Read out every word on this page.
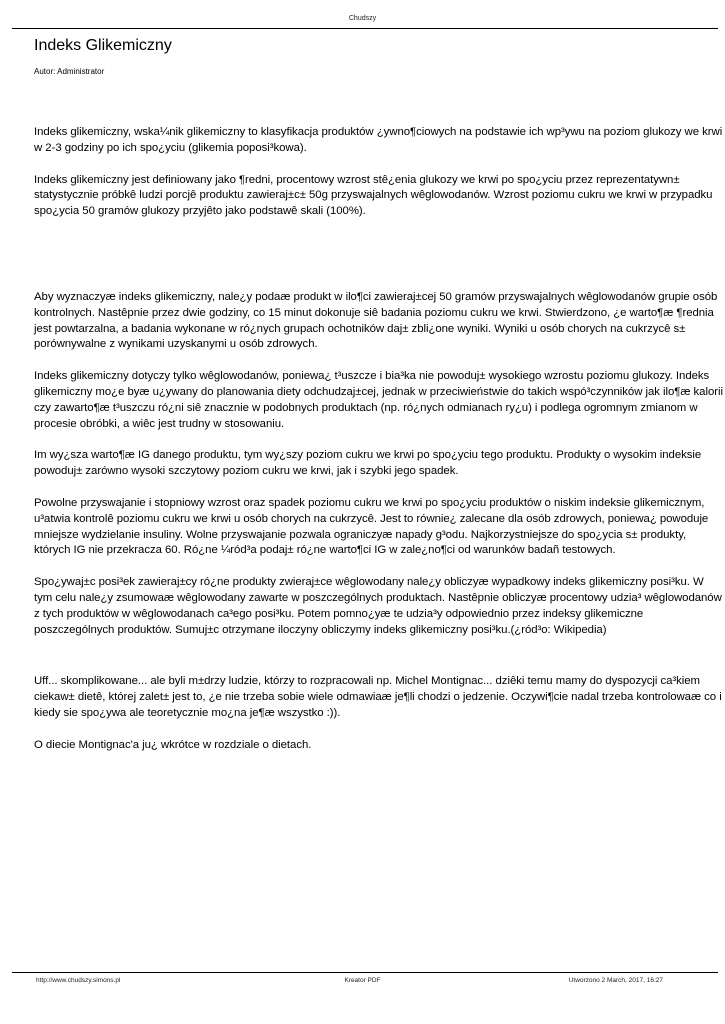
Chudszy
Indeks Glikemiczny
Autor: Administrator

Indeks glikemiczny, wska¼nik glikemiczny to klasyfikacja produktów ¿ywno¶ciowych na podstawie ich wp³ywu na poziom glukozy we krwi w 2-3 godziny po ich spo¿yciu (glikemia poposi³kowa).

Indeks glikemiczny jest definiowany jako ¶redni, procentowy wzrost stê¿enia glukozy we krwi po spo¿yciu przez reprezentatywn± statystycznie próbkê ludzi porcjê produktu zawieraj±c± 50g przyswajalnych wêglowodanów. Wzrost poziomu cukru we krwi w przypadku spo¿ycia 50 gramów glukozy przyjêto jako podstawê skali (100%).

Aby wyznaczyæ indeks glikemiczny, nale¿y podaæ produkt w ilo¶ci zawieraj±cej 50 gramów przyswajalnych wêglowodanów grupie osób kontrolnych. Nastêpnie przez dwie godziny, co 15 minut dokonuje siê badania poziomu cukru we krwi. Stwierdzono, ¿e warto¶æ ¶rednia jest powtarzalna, a badania wykonane w ró¿nych grupach ochotników daj± zbli¿one wyniki. Wyniki u osób chorych na cukrzycê s± porównywalne z wynikami uzyskanymi u osób zdrowych.

Indeks glikemiczny dotyczy tylko wêglowodanów, poniewa¿ t³uszcze i bia³ka nie powoduj± wysokiego wzrostu poziomu glukozy. Indeks glikemiczny mo¿e byæ u¿ywany do planowania diety odchudzaj±cej, jednak w przeciwieństwie do takich wspó³czynników jak ilo¶æ kalorii czy zawarto¶æ t³uszczu ró¿ni siê znacznie w podobnych produktach (np. ró¿nych odmianach ry¿u) i podlega ogromnym zmianom w procesie obróbki, a wiêc jest trudny w stosowaniu.

Im wy¿sza warto¶æ IG danego produktu, tym wy¿szy poziom cukru we krwi po spo¿yciu tego produktu. Produkty o wysokim indeksie powoduj± zarówno wysoki szczytowy poziom cukru we krwi, jak i szybki jego spadek.

Powolne przyswajanie i stopniowy wzrost oraz spadek poziomu cukru we krwi po spo¿yciu produktów o niskim indeksie glikemicznym, u³atwia kontrolê poziomu cukru we krwi u osób chorych na cukrzycê. Jest to równie¿ zalecane dla osób zdrowych, poniewa¿ powoduje mniejsze wydzielanie insuliny. Wolne przyswajanie pozwala ograniczyæ napady g³odu. Najkorzystniejsze do spo¿ycia s± produkty, których IG nie przekracza 60. Ró¿ne ¼ród³a podaj± ró¿ne warto¶ci IG w zale¿no¶ci od warunków badañ testowych.

Spo¿ywaj±c posi³ek zawieraj±cy ró¿ne produkty zwieraj±ce wêglowodany nale¿y obliczyæ wypadkowy indeks glikemiczny posi³ku. W tym celu nale¿y zsumowaæ wêglowodany zawarte w poszczególnych produktach. Nastêpnie obliczyæ procentowy udzia³ wêglowodanów z tych produktów w wêglowodanach ca³ego posi³ku. Potem pomno¿yæ te udzia³y odpowiednio przez indeksy glikemiczne poszczególnych produktów. Sumuj±c otrzymane iloczyny obliczymy indeks glikemiczny posi³ku.(¿ród³o: Wikipedia)

Uff... skomplikowane... ale byli m±drzy ludzie, którzy to rozpracowali np. Michel Montignac... dziêki temu mamy do dyspozycji ca³kiem ciekaw± dietê, której zalet± jest to, ¿e nie trzeba sobie wiele odmawiaæ je¶li chodzi o jedzenie. Oczywi¶cie nadal trzeba kontrolowaæ co i kiedy sie spo¿ywa ale teoretycznie mo¿na je¶æ wszystko :)).

O diecie Montignac'a ju¿ wkrótce w rozdziale o dietach.

http://www.chudszy.simons.pl	Kreator PDF	Utworzono 2 March, 2017, 16:27
